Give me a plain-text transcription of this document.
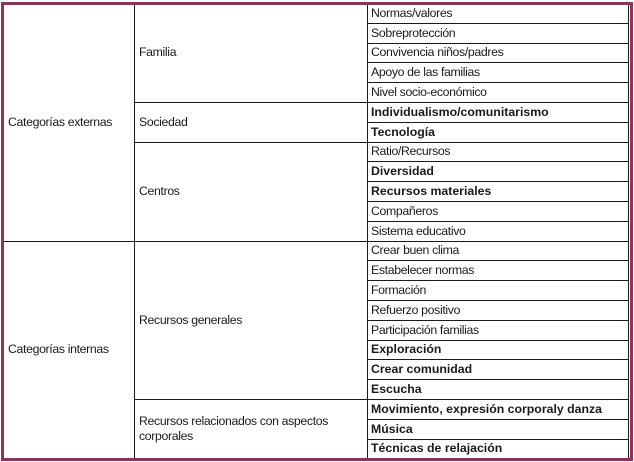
Categorías externas	Familia	Normas/valores
		Sobreprotección
		Convivencia niños/padres
		Apoyo de las familias
		Nivel socio-económico
	Sociedad	Individualismo/comunitarismo
		Tecnología
	Centros	Ratio/Recursos
		Diversidad
		Recursos materiales
		Compañeros
		Sistema educativo
Categorías internas	Recursos generales	Crear buen clima
		Estabelecer normas
		Formación
		Refuerzo positivo
		Participación familias
		Exploración
		Crear comunidad
		Escucha
	Recursos relacionados con aspectos corporales	Movimiento, expresión corporaly danza
		Música
		Técnicas de relajación
